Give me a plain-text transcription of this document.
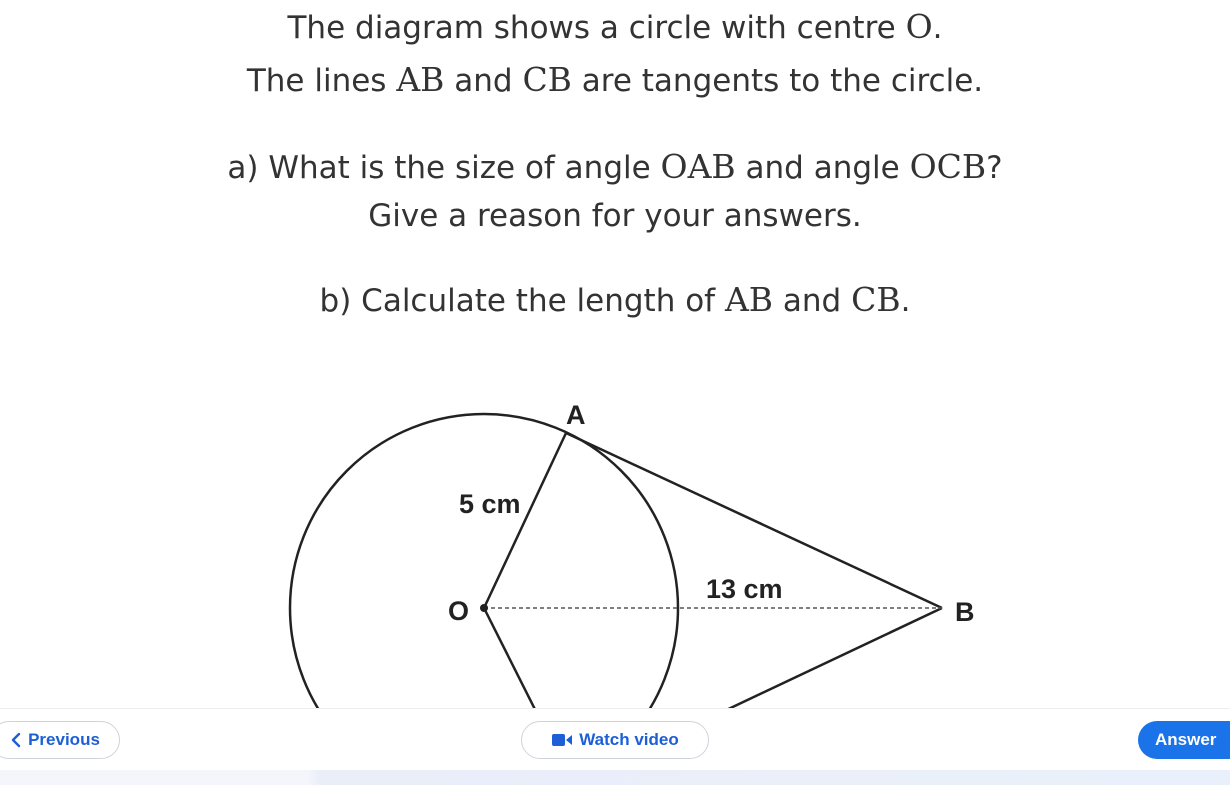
The diagram shows a circle with centre O.
The lines AB and CB are tangents to the circle.
a) What is the size of angle OAB and angle OCB?
Give a reason for your answers.
b) Calculate the length of AB and CB.
A
O	B
5 cm
13 cm
Previous	Watch video	Answer
